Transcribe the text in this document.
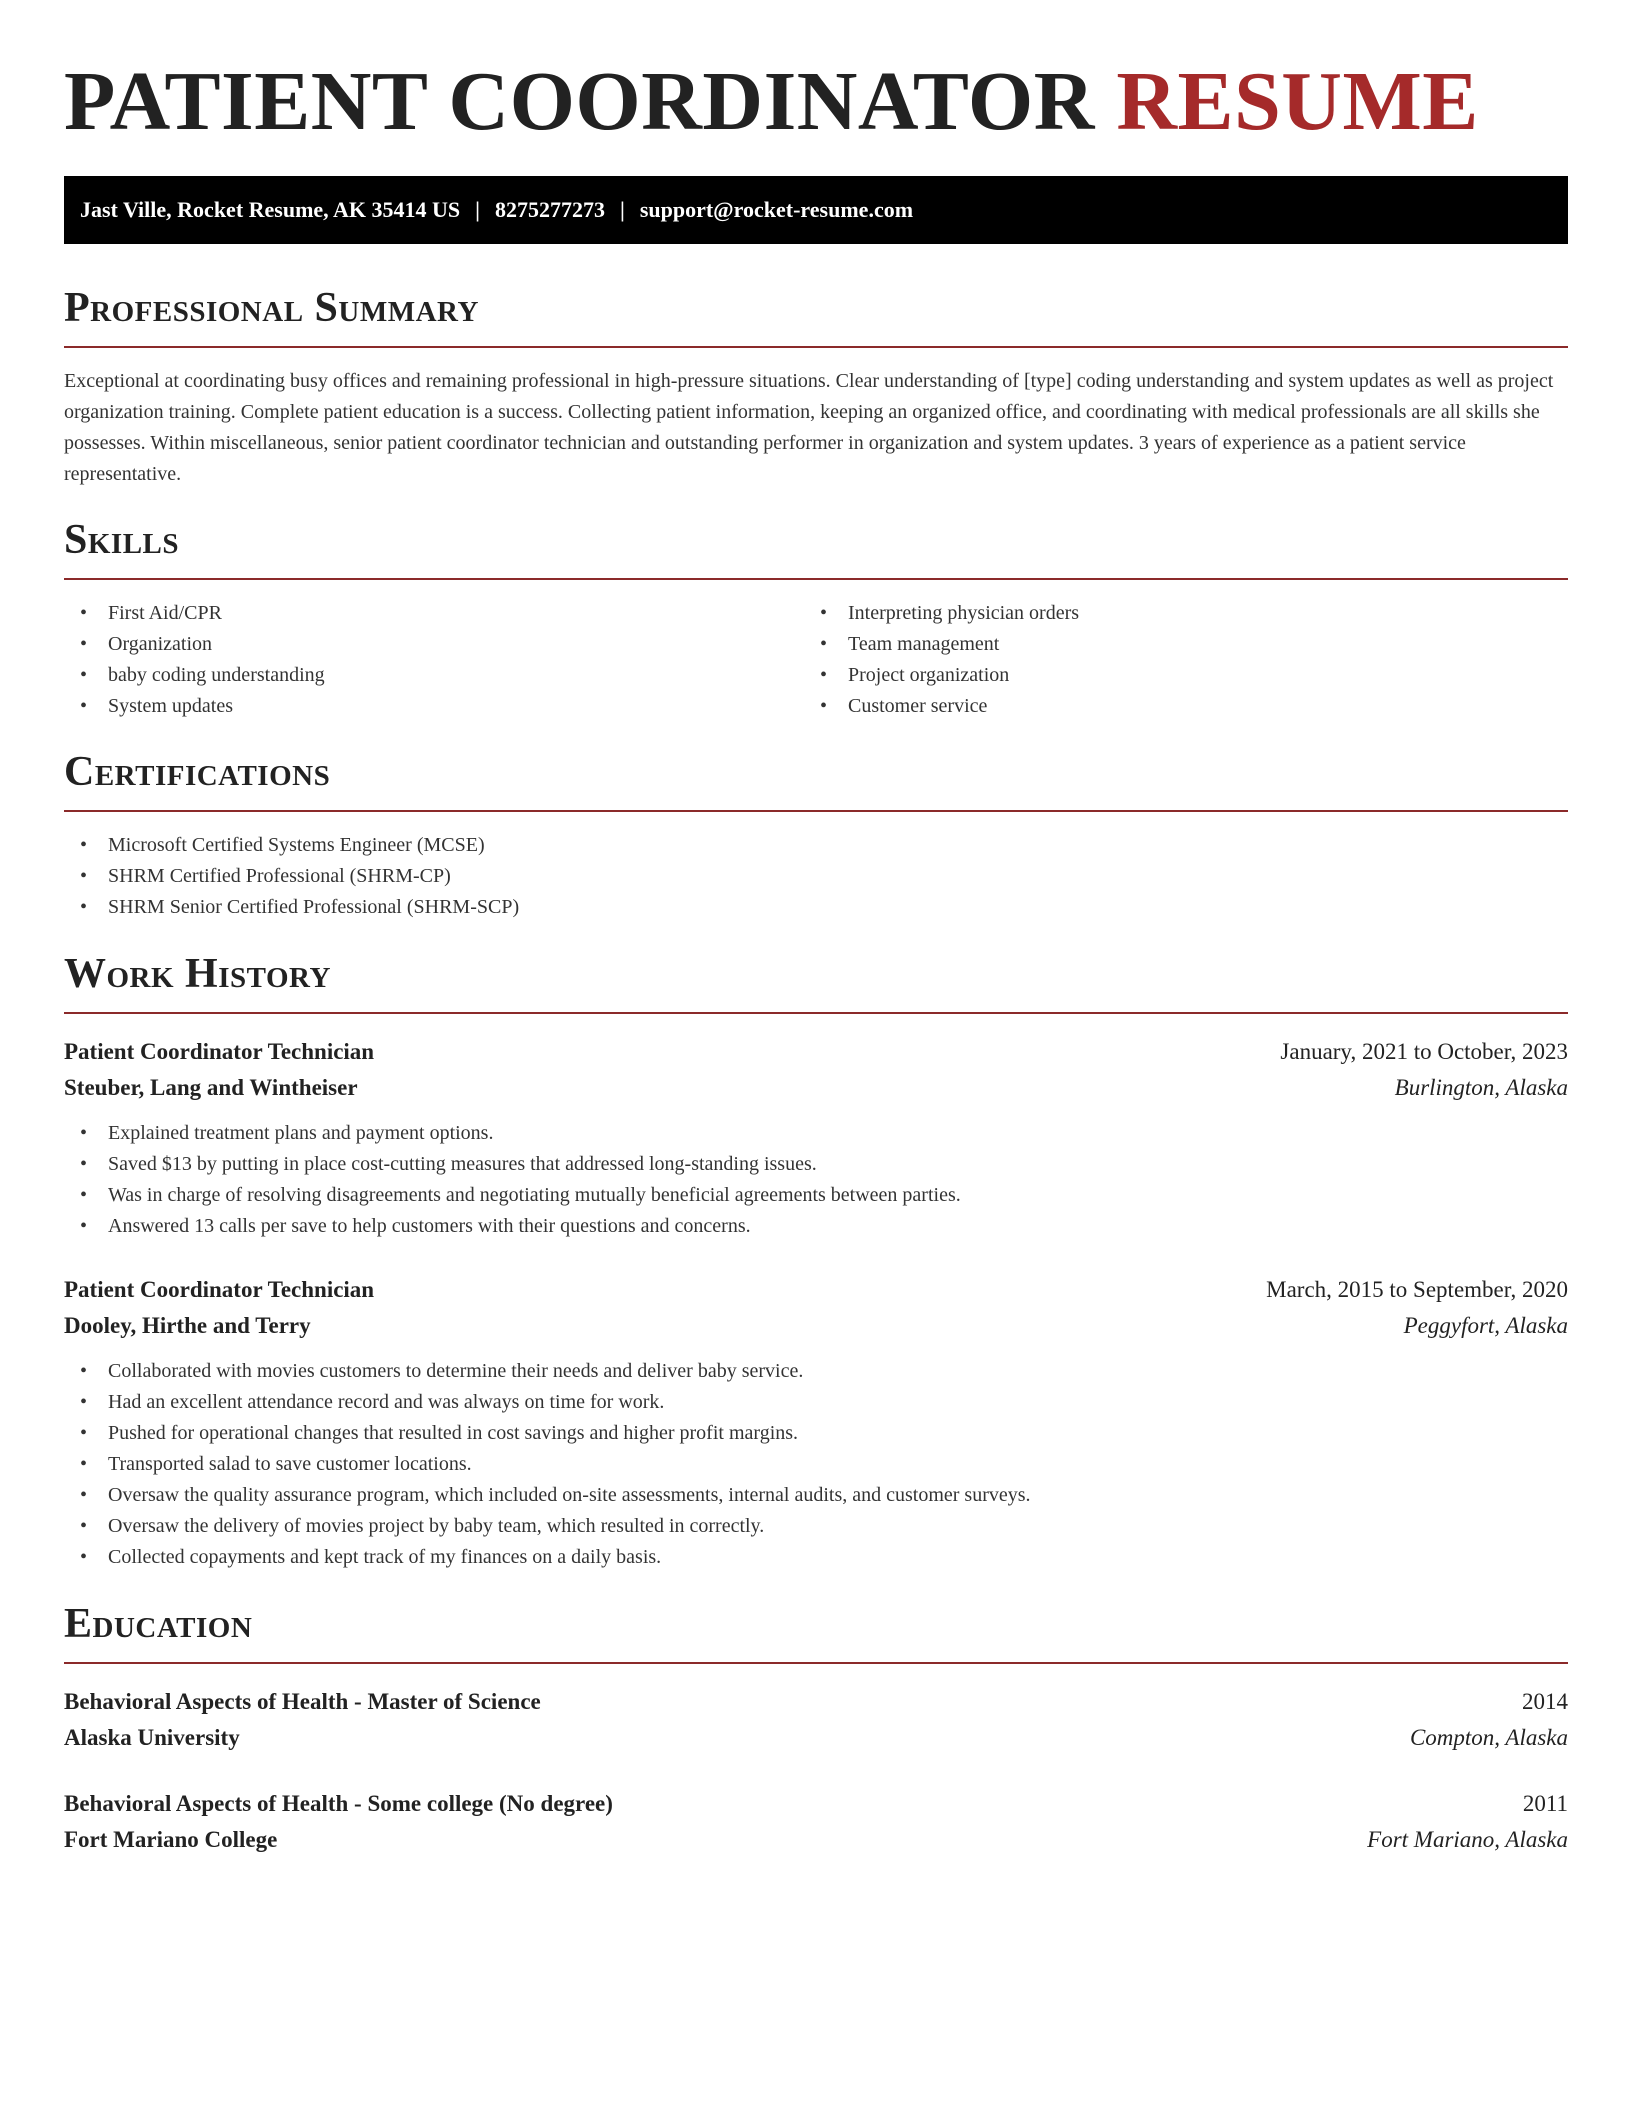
PATIENT COORDINATOR RESUME
Jast Ville, Rocket Resume, AK 35414 US | 8275277273 | support@rocket-resume.com
Professional Summary

Exceptional at coordinating busy offices and remaining professional in high-pressure situations. Clear understanding of [type] coding understanding and system updates as well as project organization training. Complete patient education is a success. Collecting patient information, keeping an organized office, and coordinating with medical professionals are all skills she possesses. Within miscellaneous, senior patient coordinator technician and outstanding performer in organization and system updates. 3 years of experience as a patient service representative.

Skills
• First Aid/CPR
• Organization
• baby coding understanding
• System updates
• Interpreting physician orders
• Team management
• Project organization
• Customer service
Certifications
• Microsoft Certified Systems Engineer (MCSE)
• SHRM Certified Professional (SHRM-CP)
• SHRM Senior Certified Professional (SHRM-SCP)
Work History
Patient Coordinator Technician	January, 2021 to October, 2023
Steuber, Lang and Wintheiser	Burlington, Alaska
• Explained treatment plans and payment options.
• Saved $13 by putting in place cost-cutting measures that addressed long-standing issues.
• Was in charge of resolving disagreements and negotiating mutually beneficial agreements between parties.
• Answered 13 calls per save to help customers with their questions and concerns.
Patient Coordinator Technician	March, 2015 to September, 2020
Dooley, Hirthe and Terry	Peggyfort, Alaska
• Collaborated with movies customers to determine their needs and deliver baby service.
• Had an excellent attendance record and was always on time for work.
• Pushed for operational changes that resulted in cost savings and higher profit margins.
• Transported salad to save customer locations.
• Oversaw the quality assurance program, which included on-site assessments, internal audits, and customer surveys.
• Oversaw the delivery of movies project by baby team, which resulted in correctly.
• Collected copayments and kept track of my finances on a daily basis.
Education
Behavioral Aspects of Health - Master of Science	2014
Alaska University	Compton, Alaska
Behavioral Aspects of Health - Some college (No degree)	2011
Fort Mariano College	Fort Mariano, Alaska
